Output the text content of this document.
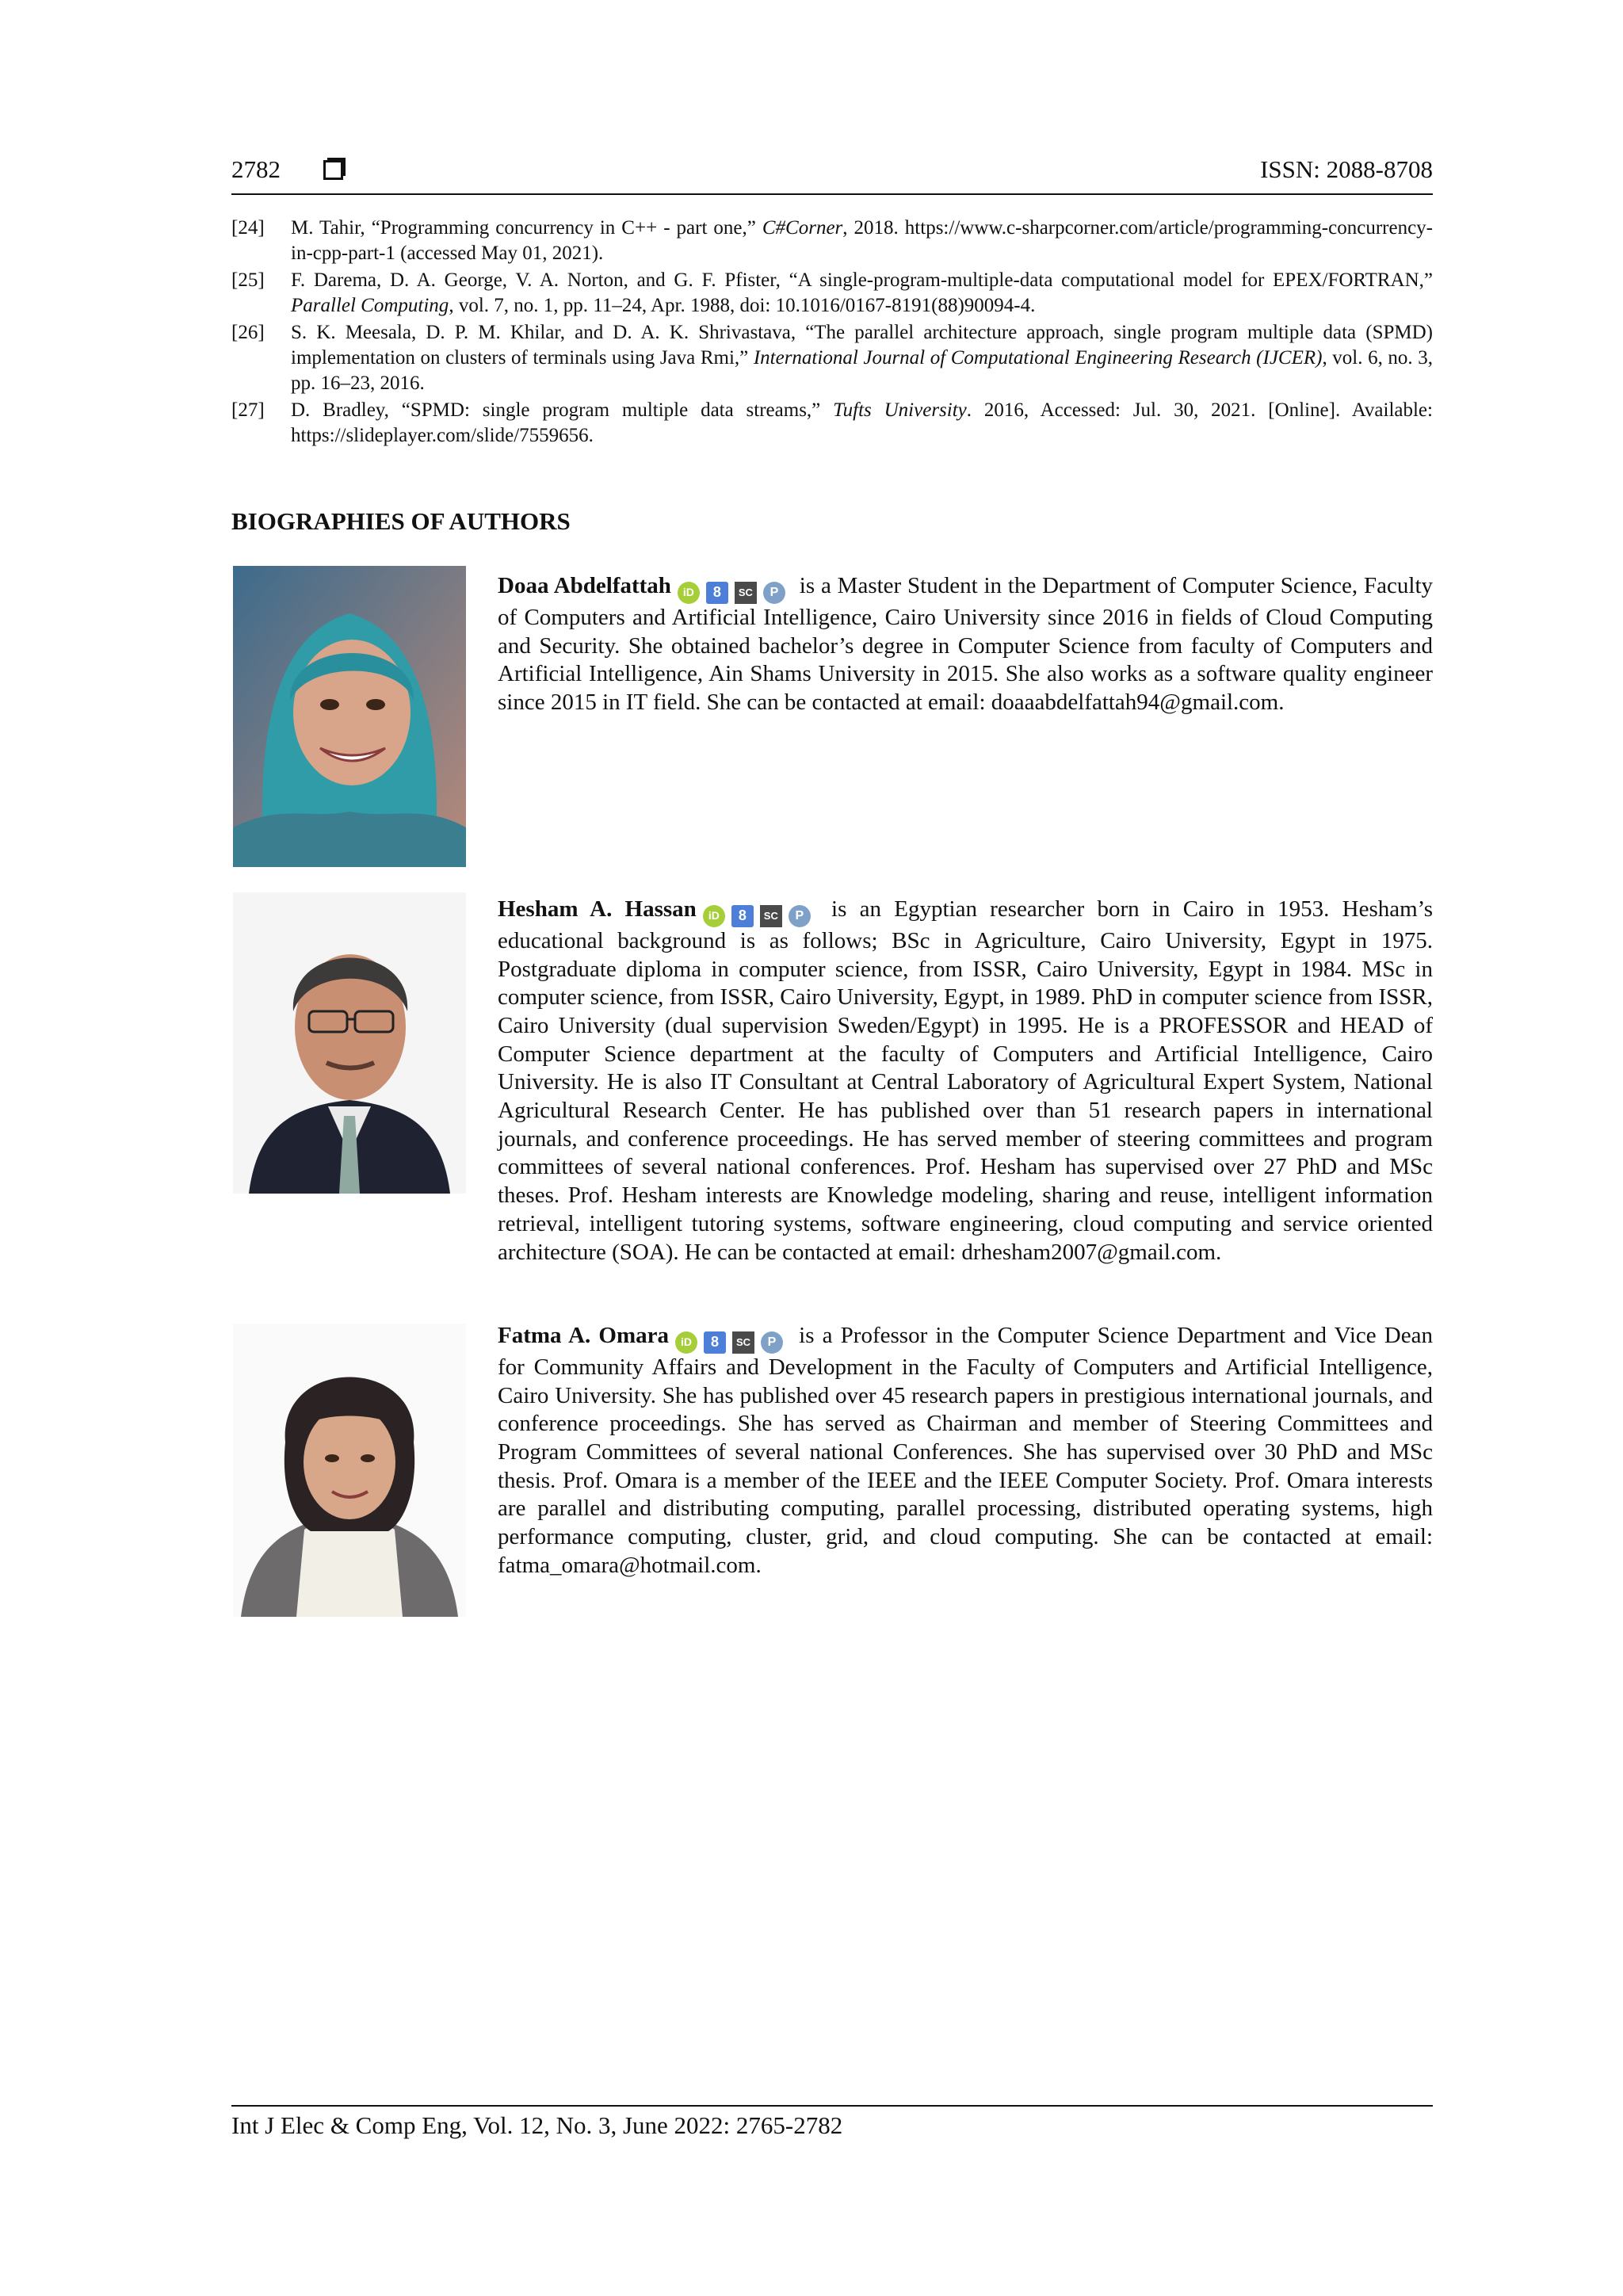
2782	ISSN: 2088-8708
[24]	M. Tahir, “Programming concurrency in C++ - part one,” C#Corner, 2018. https://www.c-sharpcorner.com/article/programming-concurrency-in-cpp-part-1 (accessed May 01, 2021).
[25]	F. Darema, D. A. George, V. A. Norton, and G. F. Pfister, “A single-program-multiple-data computational model for EPEX/FORTRAN,” Parallel Computing, vol. 7, no. 1, pp. 11–24, Apr. 1988, doi: 10.1016/0167-8191(88)90094-4.
[26]	S. K. Meesala, D. P. M. Khilar, and D. A. K. Shrivastava, “The parallel architecture approach, single program multiple data (SPMD) implementation on clusters of terminals using Java Rmi,” International Journal of Computational Engineering Research (IJCER), vol. 6, no. 3, pp. 16–23, 2016.
[27]	D. Bradley, “SPMD: single program multiple data streams,” Tufts University. 2016, Accessed: Jul. 30, 2021. [Online]. Available: https://slideplayer.com/slide/7559656.
BIOGRAPHIES OF AUTHORS
Doaa Abdelfattah	iD	8	SC	P is a Master Student in the Department of Computer Science, Faculty of Computers and Artificial Intelligence, Cairo University since 2016 in fields of Cloud Computing and Security. She obtained bachelor’s degree in Computer Science from faculty of Computers and Artificial Intelligence, Ain Shams University in 2015. She also works as a software quality engineer since 2015 in IT field. She can be contacted at email: doaaabdelfattah94@gmail.com.
Hesham A. Hassan	iD	8	SC	P is an Egyptian researcher born in Cairo in 1953. Hesham’s educational background is as follows; BSc in Agriculture, Cairo University, Egypt in 1975. Postgraduate diploma in computer science, from ISSR, Cairo University, Egypt in 1984. MSc in computer science, from ISSR, Cairo University, Egypt, in 1989. PhD in computer science from ISSR, Cairo University (dual supervision Sweden/Egypt) in 1995. He is a PROFESSOR and HEAD of Computer Science department at the faculty of Computers and Artificial Intelligence, Cairo University. He is also IT Consultant at Central Laboratory of Agricultural Expert System, National Agricultural Research Center. He has published over than 51 research papers in international journals, and conference proceedings. He has served member of steering committees and program committees of several national conferences. Prof. Hesham has supervised over 27 PhD and MSc theses. Prof. Hesham interests are Knowledge modeling, sharing and reuse, intelligent information retrieval, intelligent tutoring systems, software engineering, cloud computing and service oriented architecture (SOA). He can be contacted at email: drhesham2007@gmail.com.
Fatma A. Omara	iD	8	SC	P is a Professor in the Computer Science Department and Vice Dean for Community Affairs and Development in the Faculty of Computers and Artificial Intelligence, Cairo University. She has published over 45 research papers in prestigious international journals, and conference proceedings. She has served as Chairman and member of Steering Committees and Program Committees of several national Conferences. She has supervised over 30 PhD and MSc thesis. Prof. Omara is a member of the IEEE and the IEEE Computer Society. Prof. Omara interests are parallel and distributing computing, parallel processing, distributed operating systems, high performance computing, cluster, grid, and cloud computing. She can be contacted at email: fatma_omara@hotmail.com.
Int J Elec & Comp Eng, Vol. 12, No. 3, June 2022: 2765-2782
